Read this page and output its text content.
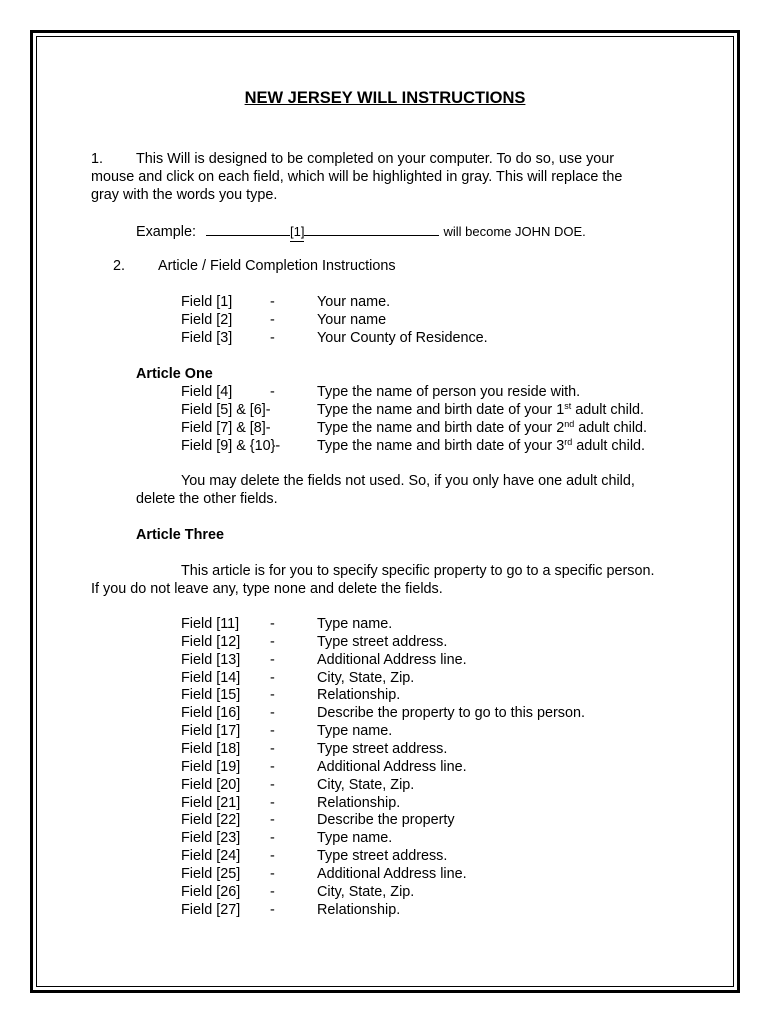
NEW JERSEY WILL INSTRUCTIONS
1. This Will is designed to be completed on your computer. To do so, use your
mouse and click on each field, which will be highlighted in gray. This will replace the
gray with the words you type.
Example:	[1]	will become JOHN DOE.
2. Article / Field Completion Instructions
Field [1]	-	Your name.
Field [2]	-	Your name
Field [3]	-	Your County of Residence.
Article One
Field [4]	-	Type the name of person you reside with.
Field [5] & [6]-	Type the name and birth date of your 1st adult child.
Field [7] & [8]-	Type the name and birth date of your 2nd adult child.
Field [9] & {10}-	Type the name and birth date of your 3rd adult child.
You may delete the fields not used. So, if you only have one adult child,
delete the other fields.
Article Three
This article is for you to specify specific property to go to a specific person.
If you do not leave any, type none and delete the fields.
Field [11] -	Type name.
Field [12] -	Type street address.
Field [13] -	Additional Address line.
Field [14] -	City, State, Zip.
Field [15] -	Relationship.
Field [16] -	Describe the property to go to this person.
Field [17] -	Type name.
Field [18] -	Type street address.
Field [19] -	Additional Address line.
Field [20] -	City, State, Zip.
Field [21] -	Relationship.
Field [22] -	Describe the property
Field [23] -	Type name.
Field [24] -	Type street address.
Field [25] -	Additional Address line.
Field [26] -	City, State, Zip.
Field [27] -	Relationship.
